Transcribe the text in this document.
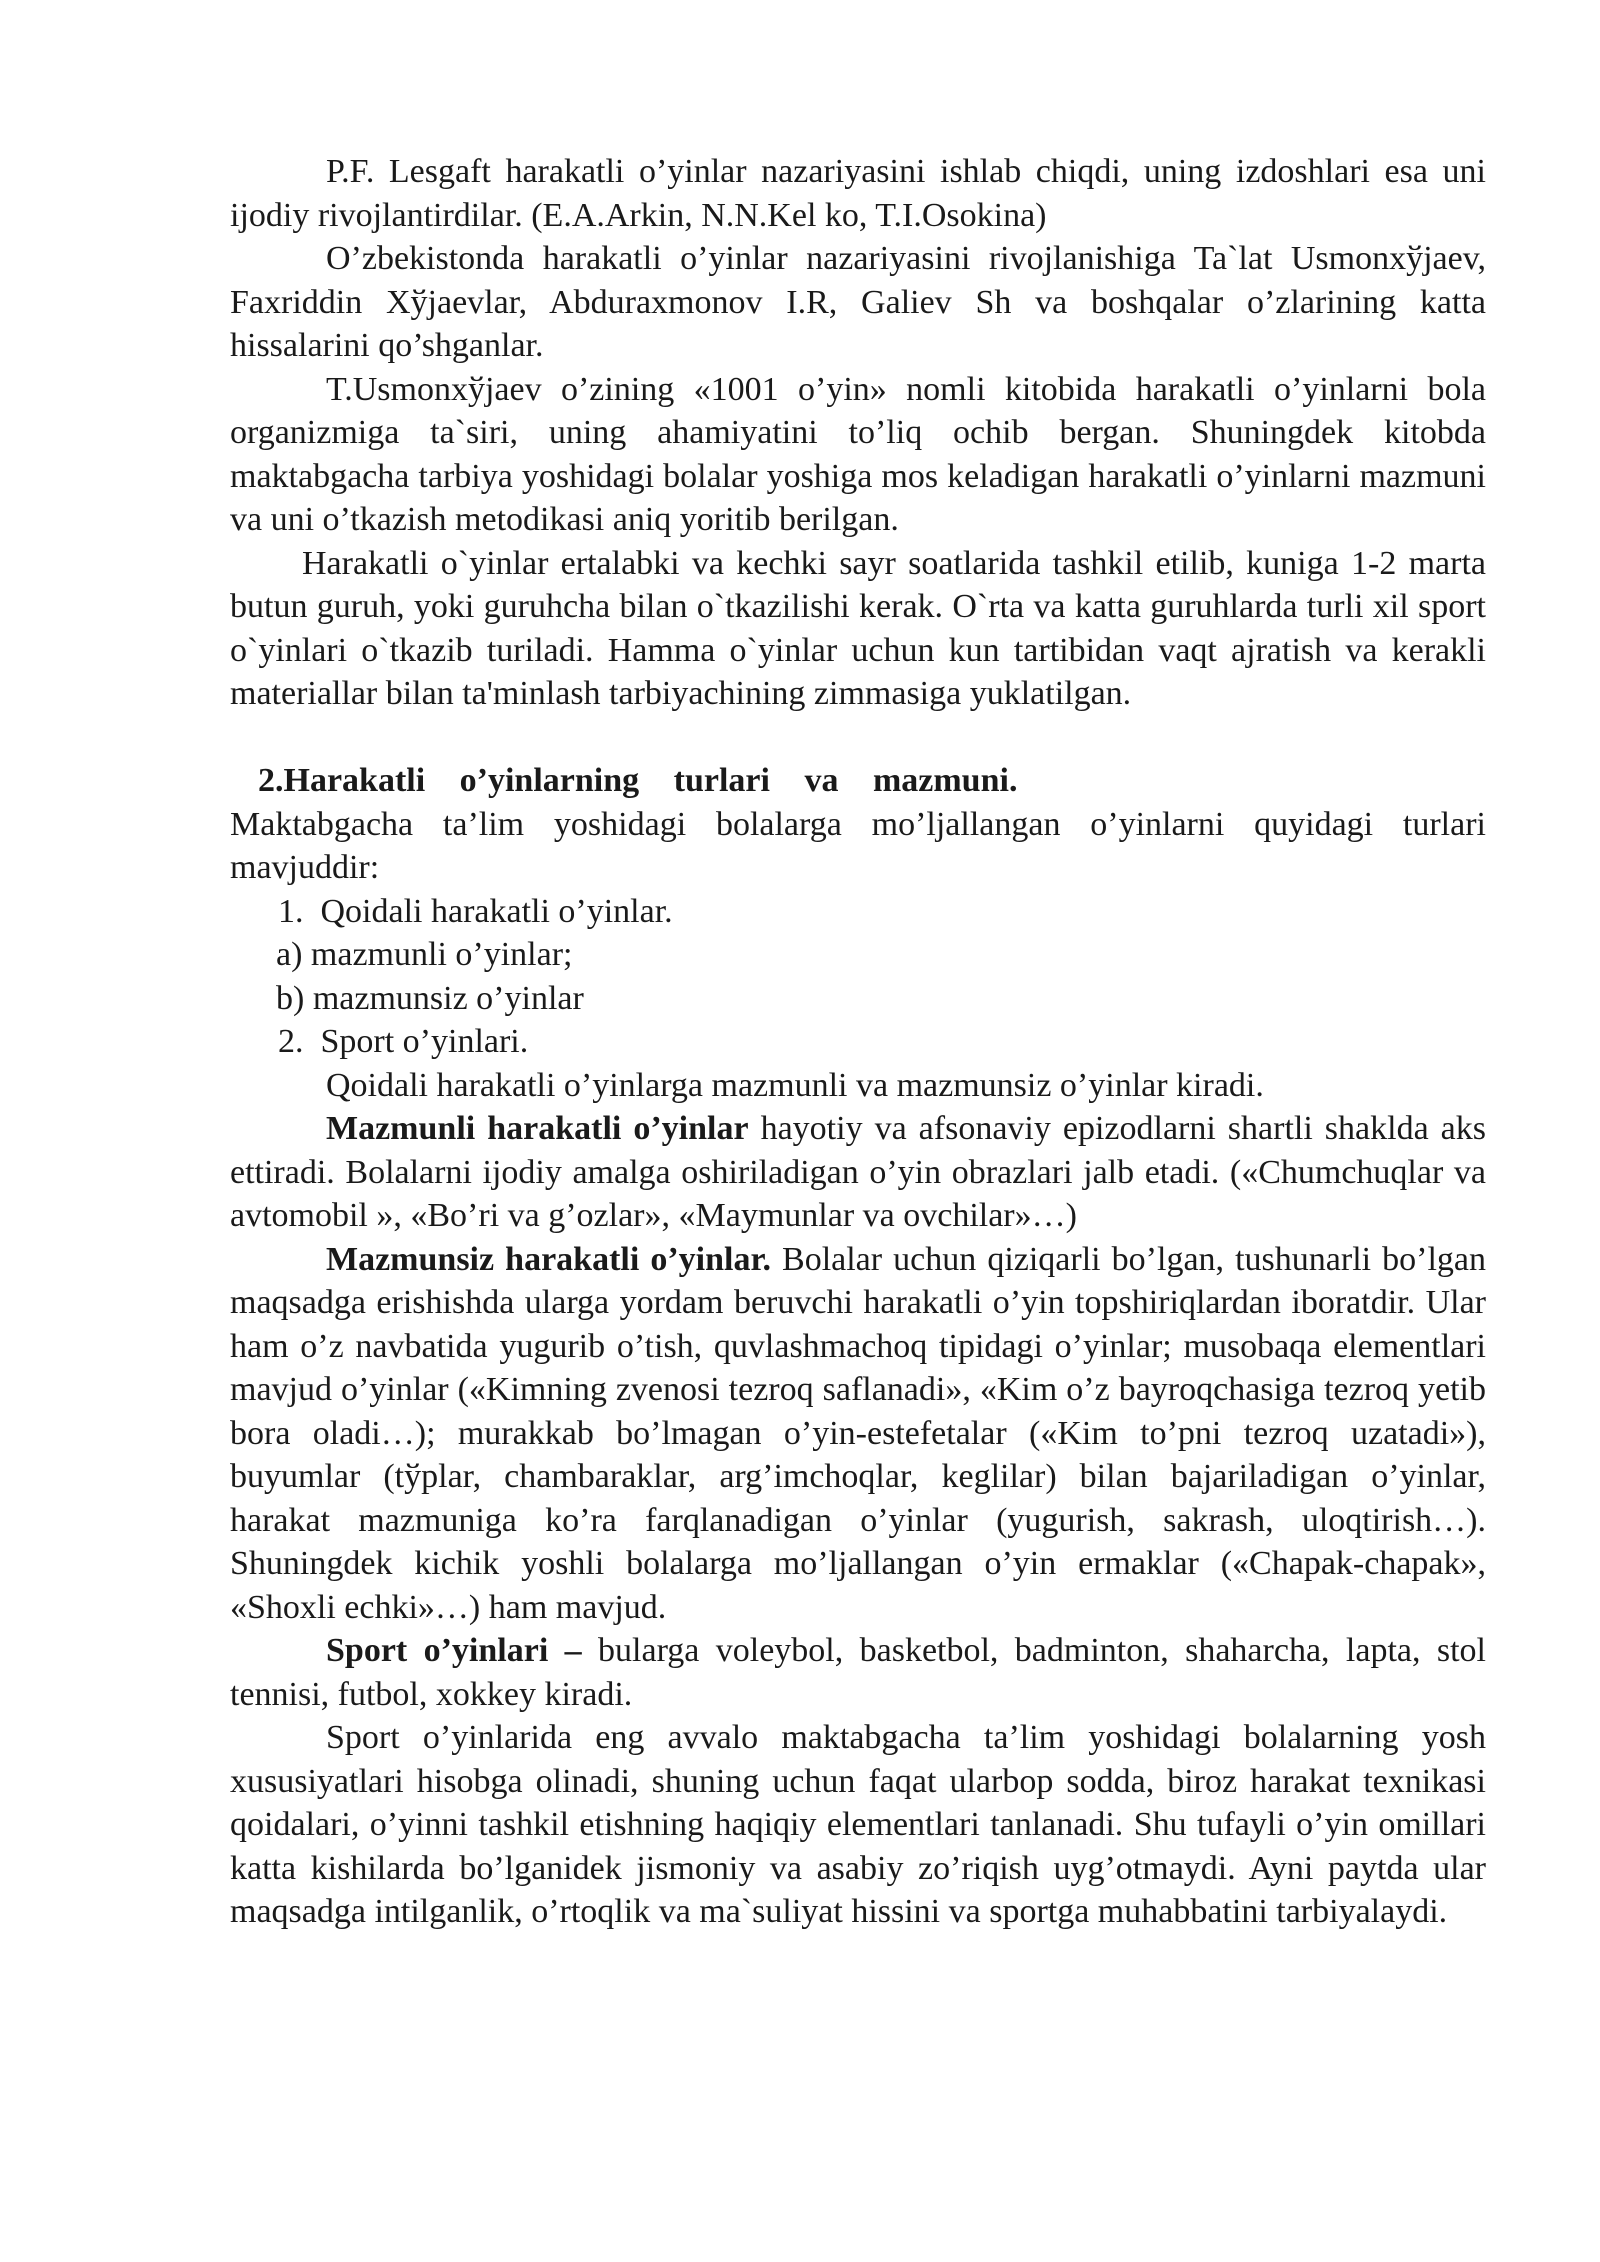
P.F. Lesgaft harakatli o’yinlar nazariyasini ishlab chiqdi, uning izdoshlari esa uni ijodiy rivojlantirdilar. (E.A.Arkin, N.N.Kel ko, T.I.Osokina)

O’zbekistonda harakatli o’yinlar nazariyasini rivojlanishiga Ta`lat Usmonxўjaev, Faxriddin Xўjaevlar, Abduraxmonov I.R, Galiev Sh va boshqalar o’zlarining katta hissalarini qo’shganlar.

T.Usmonxўjaev o’zining «1001 o’yin» nomli kitobida harakatli o’yinlarni bola organizmiga ta`siri, uning ahamiyatini to’liq ochib bergan. Shuningdek kitobda maktabgacha tarbiya yoshidagi bolalar yoshiga mos keladigan harakatli o’yinlarni mazmuni va uni o’tkazish metodikasi aniq yoritib berilgan.

Harakatli o`yinlar ertalabki va kechki sayr soatlarida tashkil etilib, kuniga 1-2 marta butun guruh, yoki guruhcha bilan o`tkazilishi kerak. O`rta va katta guruhlarda turli xil sport o`yinlari o`tkazib turiladi. Hamma o`yinlar uchun kun tartibidan vaqt ajratish va kerakli materiallar bilan ta'minlash tarbiyachining zimmasiga yuklatilgan.

2.Harakatli o’yinlarning turlari va mazmuni.

Maktabgacha ta’lim yoshidagi bolalarga mo’ljallangan o’yinlarni quyidagi turlari mavjuddir:

1. Qoidali harakatli o’yinlar.

a) mazmunli o’yinlar;

b) mazmunsiz o’yinlar

2. Sport o’yinlari.

Qoidali harakatli o’yinlarga mazmunli va mazmunsiz o’yinlar kiradi.

Mazmunli harakatli o’yinlar hayotiy va afsonaviy epizodlarni shartli shakldа aks ettiradi. Bolalarni ijodiy amalga oshiriladigan o’yin obrazlari jalb etadi. («Chumchuqlar va avtomobil », «Bo’ri va g’ozlar», «Maymunlar va ovchilar»…)

Mazmunsiz harakatli o’yinlar. Bolalar uchun qiziqarli bo’lgan, tushunarli bo’lgan maqsadga erishishda ularga yordam beruvchi harakatli o’yin topshiriqlardan iboratdir. Ular ham o’z navbatida yugurib o’tish, quvlashmachoq tipidagi o’yinlar; musobaqa elementlari mavjud o’yinlar («Kimning zvenosi tezroq saflanadi», «Kim o’z bayroqchasiga tezroq yetib bora oladi…); murakkab bo’lmagan o’yin-estefetalar («Kim to’pni tezroq uzatadi»), buyumlar (tўplar, chambaraklar, arg’imchoqlar, keglilar) bilan bajariladigan o’yinlar, harakat mazmuniga ko’ra farqlanadigan o’yinlar (yugurish, sakrash, uloqtirish…). Shuningdek kichik yoshli bolalarga mo’ljallangan o’yin ermaklar («Chapak-chapak», «Shoxli echki»…) ham mavjud.

Sport o’yinlari – bularga voleybol, basketbol, badminton, shaharcha, lapta, stol tennisi, futbol, xokkey kiradi.

Sport o’yinlarida eng avvalo maktabgacha ta’lim yoshidagi bolalarning yosh xususiyatlari hisobga olinadi, shuning uchun faqat ularbop sodda, biroz harakat texnikasi qoidalari, o’yinni tashkil etishning haqiqiy elementlari tanlanadi. Shu tufayli o’yin omillari katta kishilarda bo’lganidek jismoniy va asabiy zo’riqish uyg’otmaydi. Ayni paytda ular maqsadga intilganlik, o’rtoqlik va ma`suliyat hissini va sportga muhabbatini tarbiyalaydi.
